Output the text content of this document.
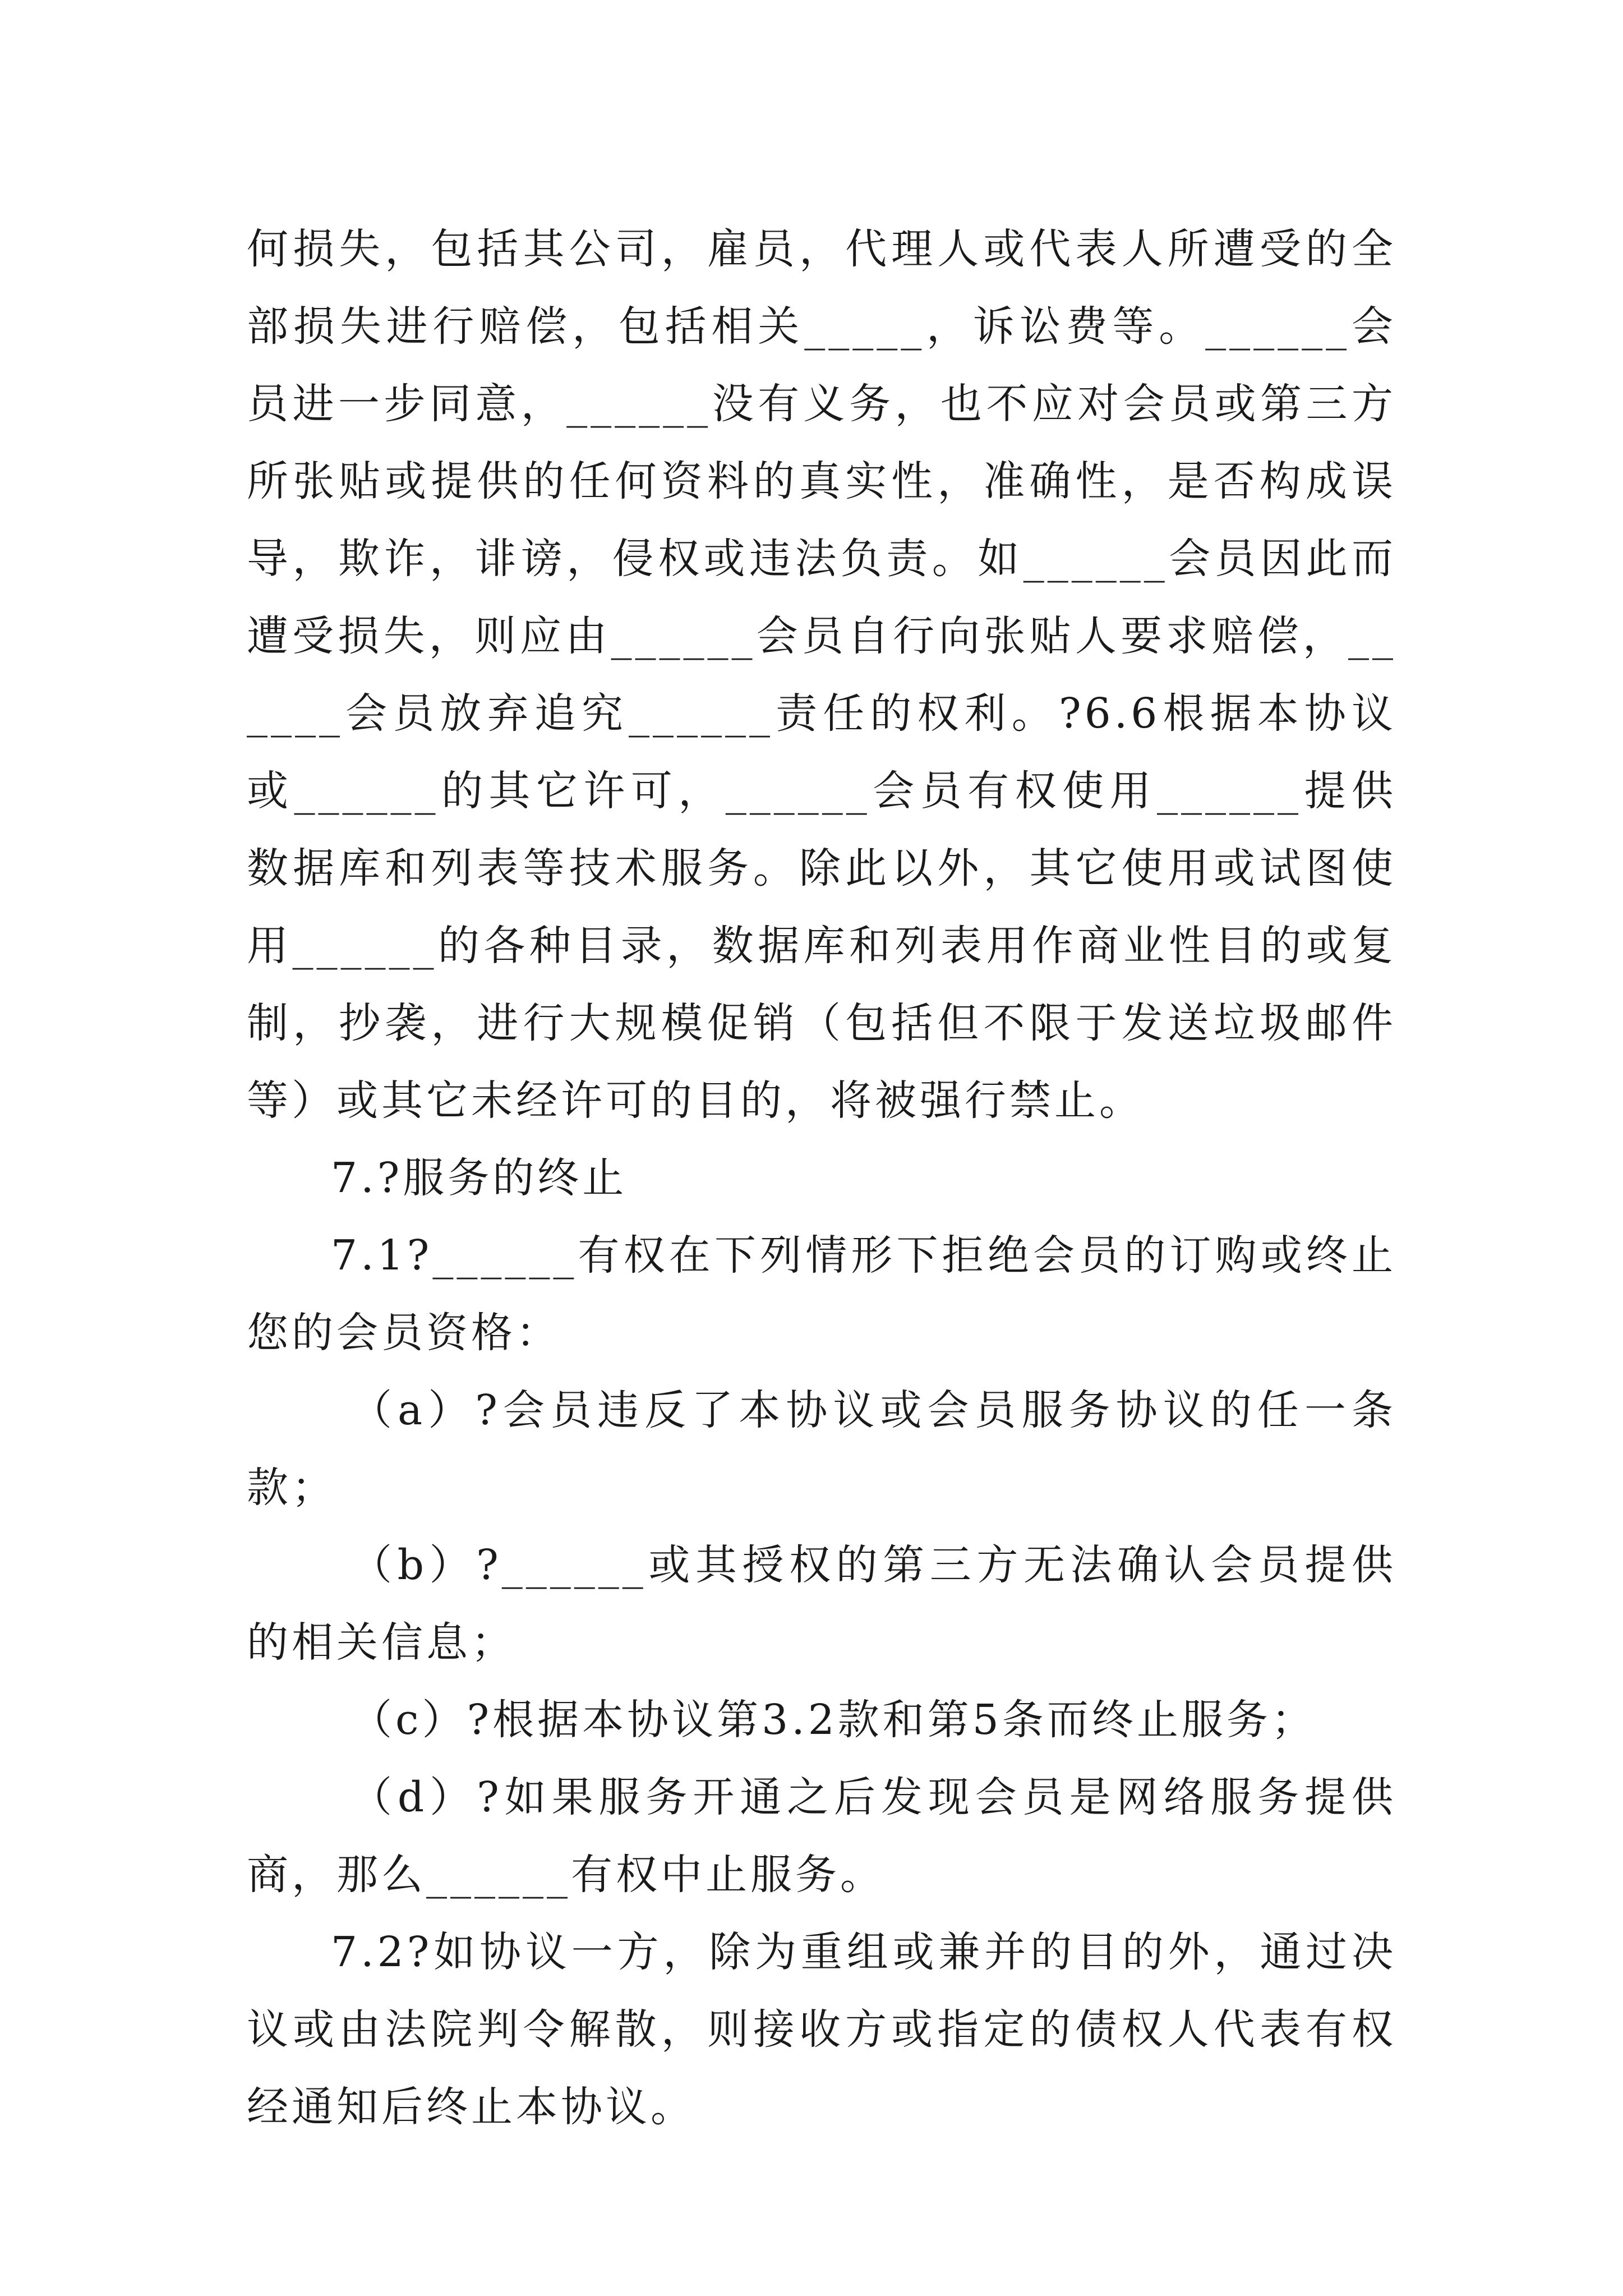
何损失，包括其公司，雇员，代理人或代表人所遭受的全部损失进行赔偿，包括相关_____，诉讼费等。______会员进一步同意，______没有义务，也不应对会员或第三方所张贴或提供的任何资料的真实性，准确性，是否构成误导，欺诈，诽谤，侵权或违法负责。如______会员因此而遭受损失，则应由______会员自行向张贴人要求赔偿，______会员放弃追究______责任的权利。?6.6根据本协议或______的其它许可，______会员有权使用______提供数据库和列表等技术服务。除此以外，其它使用或试图使用______的各种目录，数据库和列表用作商业性目的或复制，抄袭，进行大规模促销（包括但不限于发送垃圾邮件等）或其它未经许可的目的，将被强行禁止。

7.?服务的终止

7.1?______有权在下列情形下拒绝会员的订购或终止您的会员资格：

（a）?会员违反了本协议或会员服务协议的任一条款；

（b）?______或其授权的第三方无法确认会员提供的相关信息；

（c）?根据本协议第3.2款和第5条而终止服务；

（d）?如果服务开通之后发现会员是网络服务提供商，那么______有权中止服务。

7.2?如协议一方，除为重组或兼并的目的外，通过决议或由法院判令解散，则接收方或指定的债权人代表有权经通知后终止本协议。
